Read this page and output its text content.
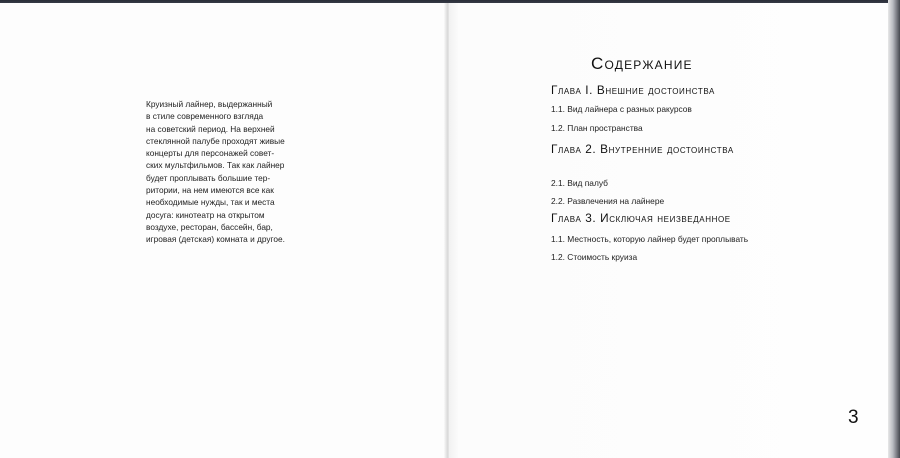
Круизный лайнер, выдержанный
в стиле современного взгляда
на советский период. На верхней
стеклянной палубе проходят живые
концерты для персонажей совет-
ских мультфильмов. Так как лайнер
будет проплывать большие тер-
ритории, на нем имеются все как
необходимые нужды, так и места
досуга: кинотеатр на открытом
воздухе, ресторан, бассейн, бар,
игровая (детская) комната и другое.

Содержание
Глава I. Внешние достоинства

1.1. Вид лайнера с разных ракурсов

1.2. План пространства

Глава 2. Внутренние достоинства

2.1. Вид палуб

2.2. Развлечения на лайнере

Глава 3. Исключая неизведанное

1.1. Местность, которую лайнер будет проплывать

1.2. Стоимость круиза

3
